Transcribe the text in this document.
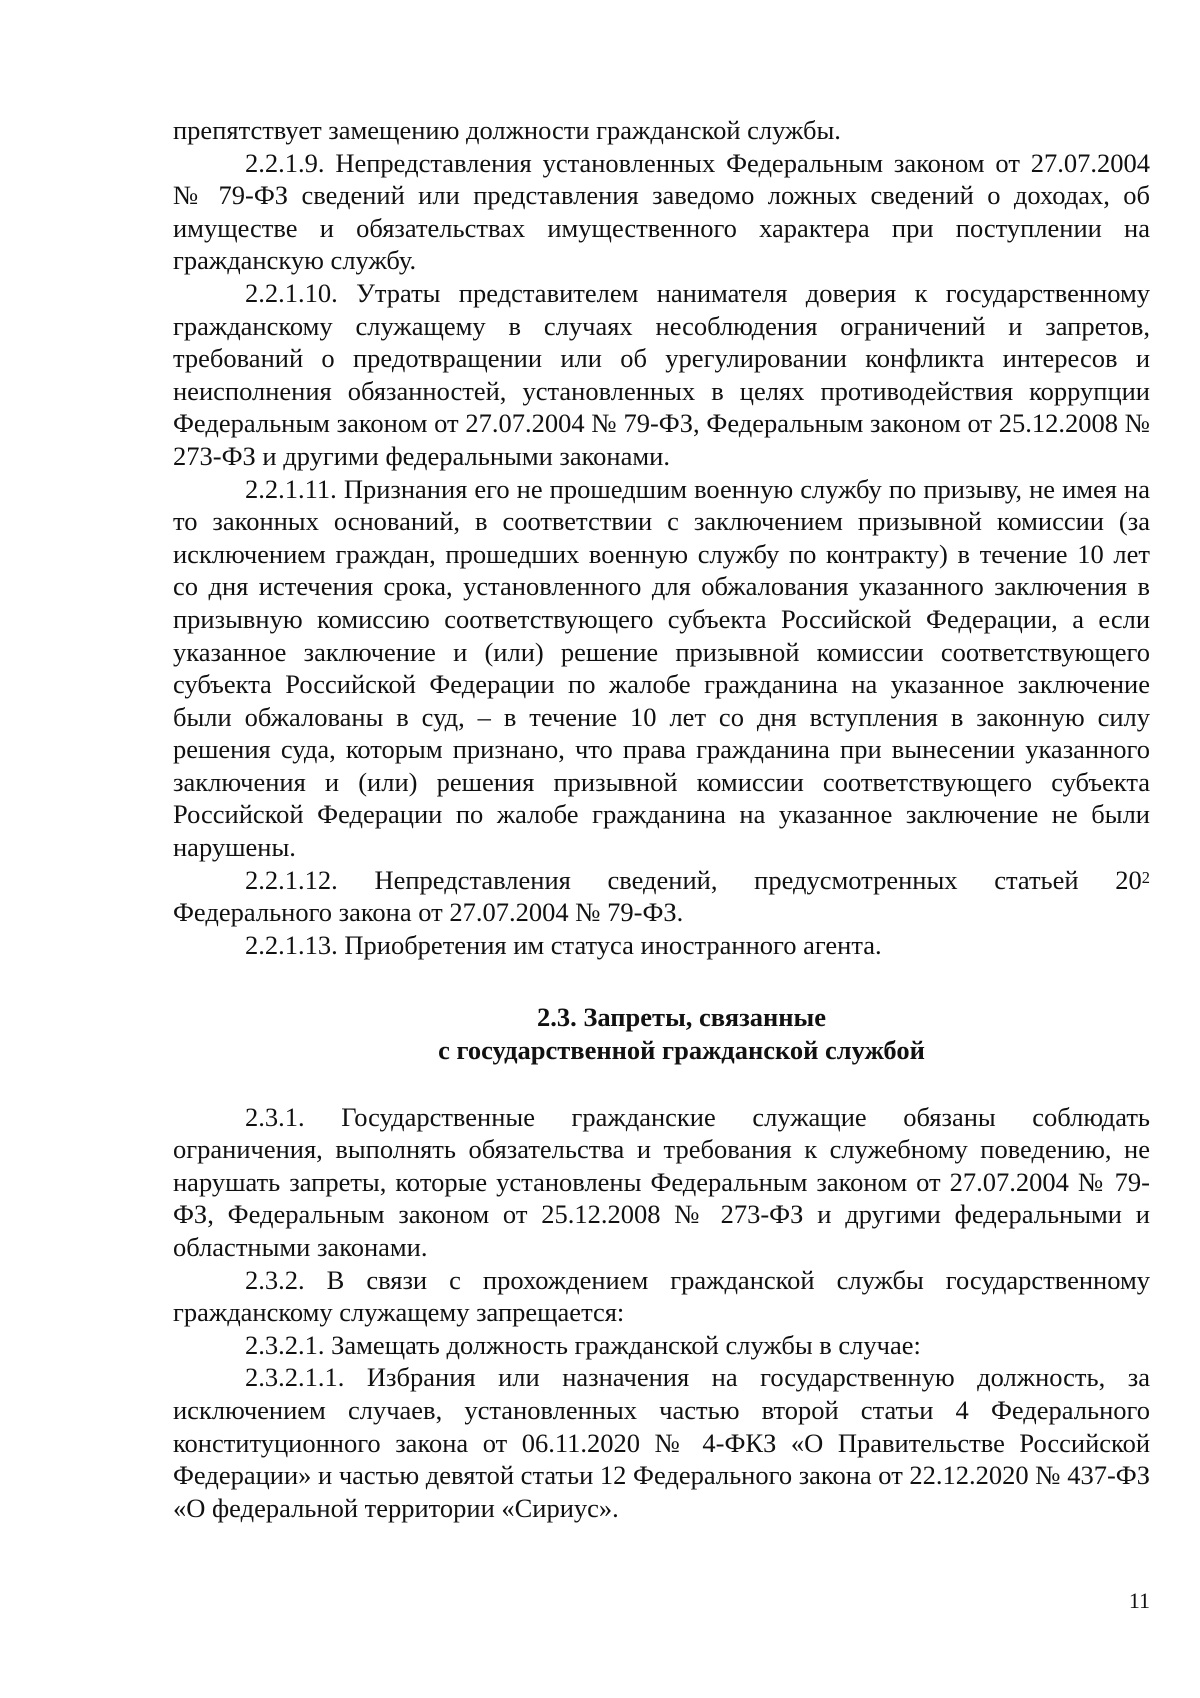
препятствует замещению должности гражданской службы.

2.2.1.9. Непредставления установленных Федеральным законом от 27.07.2004 № 79-ФЗ сведений или представления заведомо ложных сведений о доходах, об имуществе и обязательствах имущественного характера при поступлении на гражданскую службу.

2.2.1.10. Утраты представителем нанимателя доверия к государственному гражданскому служащему в случаях несоблюдения ограничений и запретов, требований о предотвращении или об урегулировании конфликта интересов и неисполнения обязанностей, установленных в целях противодействия коррупции Федеральным законом от 27.07.2004 № 79-ФЗ, Федеральным законом от 25.12.2008 № 273-ФЗ и другими федеральными законами.

2.2.1.11. Признания его не прошедшим военную службу по призыву, не имея на то законных оснований, в соответствии с заключением призывной комиссии (за исключением граждан, прошедших военную службу по контракту) в течение 10 лет со дня истечения срока, установленного для обжалования указанного заключения в призывную комиссию соответствующего субъекта Российской Федерации, а если указанное заключение и (или) решение призывной комиссии соответствующего субъекта Российской Федерации по жалобе гражданина на указанное заключение были обжалованы в суд, – в течение 10 лет со дня вступления в законную силу решения суда, которым признано, что права гражданина при вынесении указанного заключения и (или) решения призывной комиссии соответствующего субъекта Российской Федерации по жалобе гражданина на указанное заключение не были нарушены.

2.2.1.12. Непредставления сведений, предусмотренных статьей $20^2$ Федерального закона от 27.07.2004 № 79-ФЗ.

2.2.1.13. Приобретения им статуса иностранного агента.

2.3. Запреты, связанные

с государственной гражданской службой

2.3.1. Государственные гражданские служащие обязаны соблюдать ограничения, выполнять обязательства и требования к служебному поведению, не нарушать запреты, которые установлены Федеральным законом от 27.07.2004 № 79-ФЗ, Федеральным законом от 25.12.2008 № 273-ФЗ и другими федеральными и областными законами.

2.3.2. В связи с прохождением гражданской службы государственному гражданскому служащему запрещается:

2.3.2.1. Замещать должность гражданской службы в случае:

2.3.2.1.1. Избрания или назначения на государственную должность, за исключением случаев, установленных частью второй статьи 4 Федерального конституционного закона от 06.11.2020 № 4-ФКЗ «О Правительстве Российской Федерации» и частью девятой статьи 12 Федерального закона от 22.12.2020 № 437-ФЗ «О федеральной территории «Сириус».

11
